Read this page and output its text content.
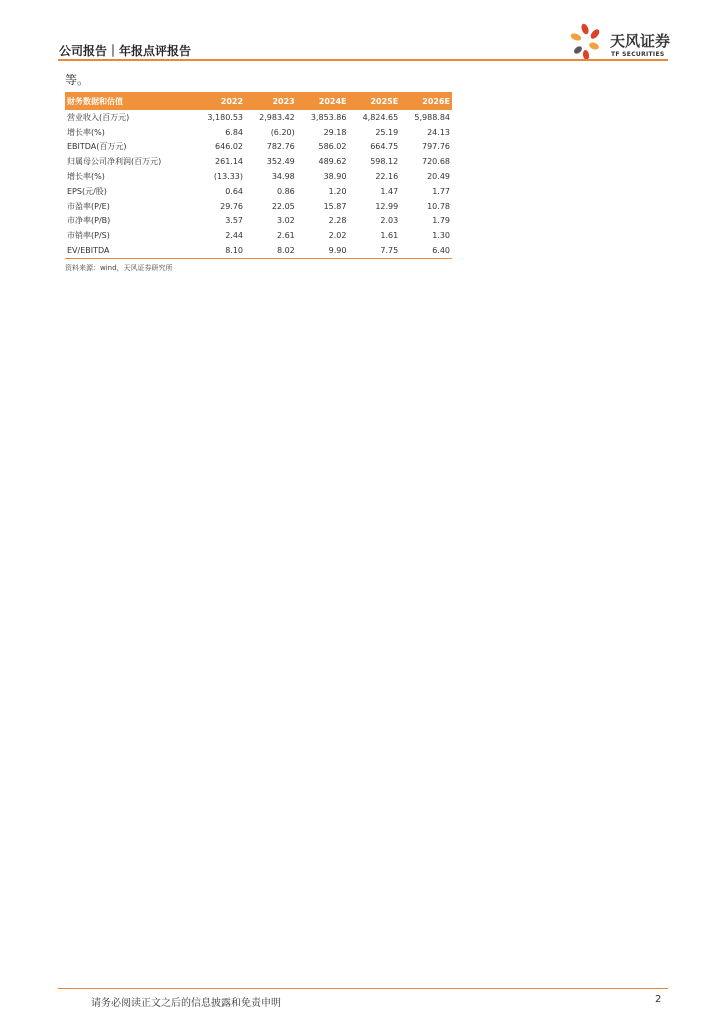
公司报告｜年报点评报告
天风证券
TF SECURITIES
等。
财务数据和估值	2022	2023	2024E	2025E	2026E
营业收入(百万元)	3,180.53	2,983.42	3,853.86	4,824.65	5,988.84
增长率(%)	6.84	(6.20)	29.18	25.19	24.13
EBITDA(百万元)	646.02	782.76	586.02	664.75	797.76
归属母公司净利润(百万元)	261.14	352.49	489.62	598.12	720.68
增长率(%)	(13.33)	34.98	38.90	22.16	20.49
EPS(元/股)	0.64	0.86	1.20	1.47	1.77
市盈率(P/E)	29.76	22.05	15.87	12.99	10.78
市净率(P/B)	3.57	3.02	2.28	2.03	1.79
市销率(P/S)	2.44	2.61	2.02	1.61	1.30
EV/EBITDA	8.10	8.02	9.90	7.75	6.40
资料来源：wind，天风证券研究所
请务必阅读正文之后的信息披露和免责申明	2
